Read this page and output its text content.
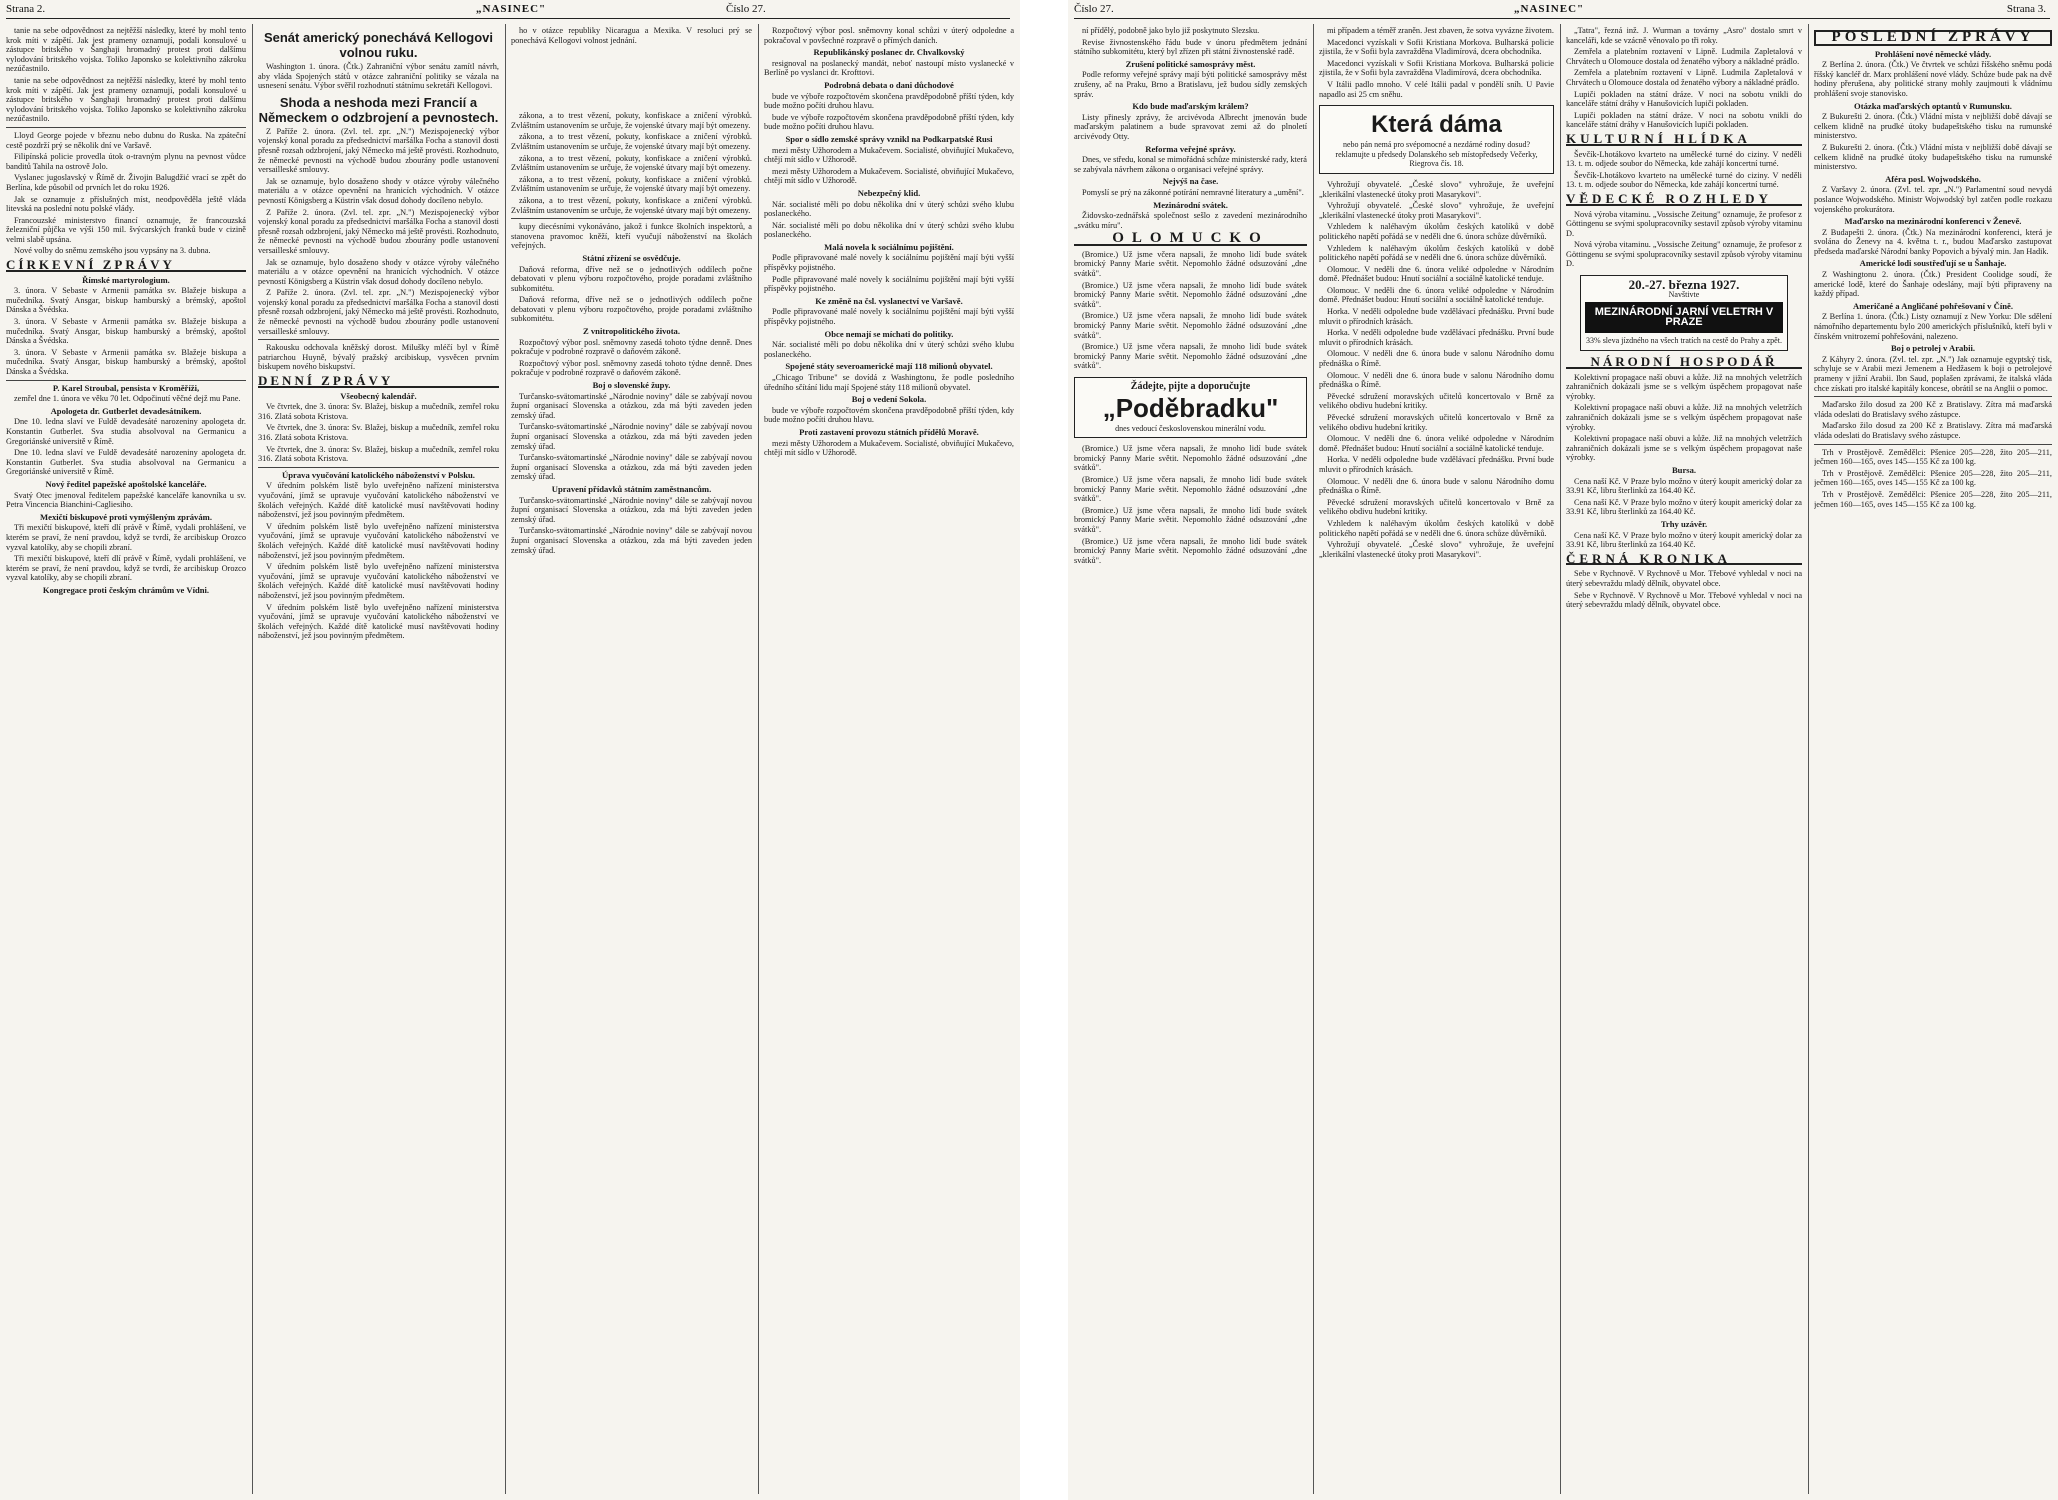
Strana 2.	„NASINEC"	Číslo 27.

tanie na sebe odpovědnost za nejtěžší následky, které by mohl tento krok míti v zápětí. Jak jest prameny oznamují, podali konsulové u zástupce britského v Šanghaji hromadný protest proti dalšímu vylodování britského vojska. Toliko Japonsko se kolektivního zákroku nezúčastnilo.

tanie na sebe odpovědnost za nejtěžší následky, které by mohl tento krok míti v zápětí. Jak jest prameny oznamují, podali konsulové u zástupce britského v Šanghaji hromadný protest proti dalšímu vylodování britského vojska. Toliko Japonsko se kolektivního zákroku nezúčastnilo.

Lloyd George pojede v březnu nebo dubnu do Ruska. Na zpáteční cestě pozdrží prý se několik dní ve Varšavě.

Filipínská policie provedla útok o-travným plynu na pevnost vůdce banditů Tahila na ostrově Jolo.

Vyslanec jugoslavský v Římě dr. Živojin Balugdžić vrací se zpět do Berlína, kde působil od prvních let do roku 1926.

Jak se oznamuje z příslušných míst, neodpověděla ještě vláda litevská na poslední notu polské vlády.

Francouzské ministerstvo financí oznamuje, že francouzská železniční půjčka ve výši 150 mil. švýcarských franků bude v cizině velmi slabě upsána.

Nové volby do sněmu zemského jsou vypsány na 3. dubna.

CÍRKEVNÍ ZPRÁVY
Římské martyrologium.

3. února. V Sebaste v Armenii památka sv. Blažeje biskupa a mučedníka. Svatý Ansgar, biskup hamburský a brémský, apoštol Dánska a Švédska.

3. února. V Sebaste v Armenii památka sv. Blažeje biskupa a mučedníka. Svatý Ansgar, biskup hamburský a brémský, apoštol Dánska a Švédska.

3. února. V Sebaste v Armenii památka sv. Blažeje biskupa a mučedníka. Svatý Ansgar, biskup hamburský a brémský, apoštol Dánska a Švédska.

P. Karel Stroubal, pensista v Kroměříži,

zemřel dne 1. února ve věku 70 let. Odpočinutí věčné dejž mu Pane.

Apologeta dr. Gutberlet devadesátníkem.

Dne 10. ledna slaví ve Fuldě devadesáté narozeniny apologeta dr. Konstantin Gutberlet. Sva studia absolvoval na Germanicu a Gregoriánské universitě v Římě.

Dne 10. ledna slaví ve Fuldě devadesáté narozeniny apologeta dr. Konstantin Gutberlet. Sva studia absolvoval na Germanicu a Gregoriánské universitě v Římě.

Nový ředitel papežské apoštolské kanceláře.

Svatý Otec jmenoval ředitelem papežské kanceláře kanovníka u sv. Petra Vincencia Bianchini-Cagliesiho.

Mexičtí biskupové proti vymýšleným zprávám.

Tři mexičtí biskupové, kteří dlí právě v Římě, vydali prohlášení, ve kterém se praví, že není pravdou, když se tvrdí, že arcibiskup Orozco vyzval katolíky, aby se chopili zbraní.

Tři mexičtí biskupové, kteří dlí právě v Římě, vydali prohlášení, ve kterém se praví, že není pravdou, když se tvrdí, že arcibiskup Orozco vyzval katolíky, aby se chopili zbraní.

Kongregace proti českým chrámům ve Vídni.
Senát americký ponechává Kellogovi volnou ruku.

Washington 1. února. (Čtk.) Zahraniční výbor senátu zamítl návrh, aby vláda Spojených států v otázce zahraniční politiky se vázala na usnesení senátu. Výbor svěřil rozhodnutí státnímu sekretáři Kellogovi.

Shoda a neshoda mezi Francií a Německem o odzbrojení a pevnostech.

Z Paříže 2. února. (Zvl. tel. zpr. „N.") Mezispojenecký výbor vojenský konal poradu za předsednictví maršálka Focha a stanovil dosti přesně rozsah odzbrojení, jaký Německo má ještě provésti. Rozhodnuto, že německé pevnosti na východě budou zbourány podle ustanovení versailleské smlouvy.

Jak se oznamuje, bylo dosaženo shody v otázce výroby válečného materiálu a v otázce opevnění na hranicích východních. V otázce pevností Königsberg a Küstrin však dosud dohody docíleno nebylo.

Z Paříže 2. února. (Zvl. tel. zpr. „N.") Mezispojenecký výbor vojenský konal poradu za předsednictví maršálka Focha a stanovil dosti přesně rozsah odzbrojení, jaký Německo má ještě provésti. Rozhodnuto, že německé pevnosti na východě budou zbourány podle ustanovení versailleské smlouvy.

Jak se oznamuje, bylo dosaženo shody v otázce výroby válečného materiálu a v otázce opevnění na hranicích východních. V otázce pevností Königsberg a Küstrin však dosud dohody docíleno nebylo.

Z Paříže 2. února. (Zvl. tel. zpr. „N.") Mezispojenecký výbor vojenský konal poradu za předsednictví maršálka Focha a stanovil dosti přesně rozsah odzbrojení, jaký Německo má ještě provésti. Rozhodnuto, že německé pevnosti na východě budou zbourány podle ustanovení versailleské smlouvy.

Rakousku odchovala kněžský dorost. Milušky mléčí byl v Římě patriarchou Huyně, bývalý pražský arcibiskup, vysvěcen prvním biskupem nového biskupství.

DENNÍ ZPRÁVY
Všeobecný kalendář.

Ve čtvrtek, dne 3. února: Sv. Blažej, biskup a mučedník, zemřel roku 316. Zlatá sobota Kristova.

Ve čtvrtek, dne 3. února: Sv. Blažej, biskup a mučedník, zemřel roku 316. Zlatá sobota Kristova.

Ve čtvrtek, dne 3. února: Sv. Blažej, biskup a mučedník, zemřel roku 316. Zlatá sobota Kristova.

Úprava vyučování katolického náboženství v Polsku.

V úředním polském listě bylo uveřejněno nařízení ministerstva vyučování, jímž se upravuje vyučování katolického náboženství ve školách veřejných. Každé dítě katolické musí navštěvovati hodiny náboženství, jež jsou povinným předmětem.

V úředním polském listě bylo uveřejněno nařízení ministerstva vyučování, jímž se upravuje vyučování katolického náboženství ve školách veřejných. Každé dítě katolické musí navštěvovati hodiny náboženství, jež jsou povinným předmětem.

V úředním polském listě bylo uveřejněno nařízení ministerstva vyučování, jímž se upravuje vyučování katolického náboženství ve školách veřejných. Každé dítě katolické musí navštěvovati hodiny náboženství, jež jsou povinným předmětem.

V úředním polském listě bylo uveřejněno nařízení ministerstva vyučování, jímž se upravuje vyučování katolického náboženství ve školách veřejných. Každé dítě katolické musí navštěvovati hodiny náboženství, jež jsou povinným předmětem.

ho v otázce republiky Nicaragua a Mexika. V resoluci prý se ponechává Kellogovi volnost jednání.

zákona, a to trest vězení, pokuty, konfiskace a zničení výrobků. Zvláštním ustanovením se určuje, že vojenské útvary mají být omezeny.

zákona, a to trest vězení, pokuty, konfiskace a zničení výrobků. Zvláštním ustanovením se určuje, že vojenské útvary mají být omezeny.

zákona, a to trest vězení, pokuty, konfiskace a zničení výrobků. Zvláštním ustanovením se určuje, že vojenské útvary mají být omezeny.

zákona, a to trest vězení, pokuty, konfiskace a zničení výrobků. Zvláštním ustanovením se určuje, že vojenské útvary mají být omezeny.

zákona, a to trest vězení, pokuty, konfiskace a zničení výrobků. Zvláštním ustanovením se určuje, že vojenské útvary mají být omezeny.

kupy diecésními vykonáváno, jakož i funkce školních inspektorů, a stanovena pravomoc kněží, kteří vyučují náboženství na školách veřejných.

Státní zřízení se osvědčuje.

Daňová reforma, dříve než se o jednotlivých oddílech počne debatovati v plenu výboru rozpočtového, projde poradami zvláštního subkomitétu.

Daňová reforma, dříve než se o jednotlivých oddílech počne debatovati v plenu výboru rozpočtového, projde poradami zvláštního subkomitétu.

Z vnitropolitického života.

Rozpočtový výbor posl. sněmovny zasedá tohoto týdne denně. Dnes pokračuje v podrobné rozpravě o daňovém zákoně.

Rozpočtový výbor posl. sněmovny zasedá tohoto týdne denně. Dnes pokračuje v podrobné rozpravě o daňovém zákoně.

Boj o slovenské župy.

Turčansko-svätomartinské „Národnie noviny" dále se zabývají novou župní organisací Slovenska a otázkou, zda má býti zaveden jeden zemský úřad.

Turčansko-svätomartinské „Národnie noviny" dále se zabývají novou župní organisací Slovenska a otázkou, zda má býti zaveden jeden zemský úřad.

Turčansko-svätomartinské „Národnie noviny" dále se zabývají novou župní organisací Slovenska a otázkou, zda má býti zaveden jeden zemský úřad.

Upravení přídavků státním zaměstnancům.

Turčansko-svätomartinské „Národnie noviny" dále se zabývají novou župní organisací Slovenska a otázkou, zda má býti zaveden jeden zemský úřad.

Turčansko-svätomartinské „Národnie noviny" dále se zabývají novou župní organisací Slovenska a otázkou, zda má býti zaveden jeden zemský úřad.

Rozpočtový výbor posl. sněmovny konal schůzi v úterý odpoledne a pokračoval v povšechné rozpravě o přímých daních.

Republikánský poslanec dr. Chvalkovský

resignoval na poslanecký mandát, neboť nastoupí místo vyslanecké v Berlíně po vyslanci dr. Krofttovi.

Podrobná debata o dani důchodové

bude ve výboře rozpočtovém skončena pravděpodobně příští týden, kdy bude možno počíti druhou hlavu.

bude ve výboře rozpočtovém skončena pravděpodobně příští týden, kdy bude možno počíti druhou hlavu.

Spor o sídlo zemské správy vznikl na Podkarpatské Rusi

mezi městy Užhorodem a Mukačevem. Socialisté, obviňující Mukačevo, chtějí mít sídlo v Užhorodě.

mezi městy Užhorodem a Mukačevem. Socialisté, obviňující Mukačevo, chtějí mít sídlo v Užhorodě.

Nebezpečný klid.

Nár. socialisté měli po dobu několika dní v úterý schůzi svého klubu poslaneckého.

Nár. socialisté měli po dobu několika dní v úterý schůzi svého klubu poslaneckého.

Malá novela k sociálnímu pojištění.

Podle připravované malé novely k sociálnímu pojištění mají býti vyšší příspěvky pojistného.

Podle připravované malé novely k sociálnímu pojištění mají býti vyšší příspěvky pojistného.

Ke změně na čsl. vyslanectví ve Varšavě.

Podle připravované malé novely k sociálnímu pojištění mají býti vyšší příspěvky pojistného.

Obce nemají se míchati do politiky.

Nár. socialisté měli po dobu několika dní v úterý schůzi svého klubu poslaneckého.

Spojené státy severoamerické mají 118 milionů obyvatel.

„Chicago Tribune" se dovídá z Washingtonu, že podle posledního úředního sčítání lidu mají Spojené státy 118 milionů obyvatel.

Boj o vedení Sokola.

bude ve výboře rozpočtovém skončena pravděpodobně příští týden, kdy bude možno počíti druhou hlavu.

Proti zastavení provozu státních přídělů Moravě.

mezi městy Užhorodem a Mukačevem. Socialisté, obviňující Mukačevo, chtějí mít sídlo v Užhorodě.

Číslo 27.	„NASINEC"	Strana 3.

ní přídělý, podobně jako bylo již poskytnuto Slezsku.

Revise živnostenského řádu bude v únoru předmětem jednání státního subkomitétu, který byl zřízen při státní živnostenské radě.

Zrušení politické samosprávy měst.

Podle reformy veřejné správy mají býti politické samosprávy měst zrušeny, ač na Praku, Brno a Bratislavu, jež budou sídly zemských správ.

Kdo bude maďarským králem?

Listy přinesly zprávy, že arcivévoda Albrecht jmenován bude maďarským palatinem a bude spravovat zemi až do plnoletí arcivévody Otty.

Reforma veřejné správy.

Dnes, ve středu, konal se mimořádná schůze ministerské rady, která se zabývala návrhem zákona o organisaci veřejné správy.

Nejvýš na čase.

Pomyslí se prý na zákonné potírání nemravné literatury a „umění".

Mezinárodní svátek.

Židovsko-zednářská společnost sešlo z zavedení mezinárodního „svátku míru".

OLOMUCKO

(Bromice.) Už jsme včera napsali, že mnoho lidí bude svátek bromický Panny Marie světit. Nepomohlo žádné odsuzování „dne svátků".

(Bromice.) Už jsme včera napsali, že mnoho lidí bude svátek bromický Panny Marie světit. Nepomohlo žádné odsuzování „dne svátků".

(Bromice.) Už jsme včera napsali, že mnoho lidí bude svátek bromický Panny Marie světit. Nepomohlo žádné odsuzování „dne svátků".

(Bromice.) Už jsme včera napsali, že mnoho lidí bude svátek bromický Panny Marie světit. Nepomohlo žádné odsuzování „dne svátků".

Žádejte, pijte a doporučujte
„Poděbradku"
dnes vedoucí československou minerální vodu.

(Bromice.) Už jsme včera napsali, že mnoho lidí bude svátek bromický Panny Marie světit. Nepomohlo žádné odsuzování „dne svátků".

(Bromice.) Už jsme včera napsali, že mnoho lidí bude svátek bromický Panny Marie světit. Nepomohlo žádné odsuzování „dne svátků".

(Bromice.) Už jsme včera napsali, že mnoho lidí bude svátek bromický Panny Marie světit. Nepomohlo žádné odsuzování „dne svátků".

(Bromice.) Už jsme včera napsali, že mnoho lidí bude svátek bromický Panny Marie světit. Nepomohlo žádné odsuzování „dne svátků".

mi případem a téměř zraněn. Jest zbaven, že sotva vyvázne životem.

Macedonci vyzískali v Sofii Kristiana Morkova. Bulharská policie zjistila, že v Sofii byla zavražděna Vladimírová, dcera obchodníka.

Macedonci vyzískali v Sofii Kristiana Morkova. Bulharská policie zjistila, že v Sofii byla zavražděna Vladimírová, dcera obchodníka.

V Itálii padlo mnoho. V celé Itálii padal v pondělí sníh. U Pavie napadlo asi 25 cm sněhu.

Která dáma
nebo pán nemá pro svépomocné a nezdárné rodiny dosud?
reklamujte u předsedy Dolanského seb místopředsedy Večerky, Riegrova čís. 18.

Vyhrožují obyvatelé. „České slovo" vyhrožuje, že uveřejní „klerikální vlastenecké útoky proti Masarykovi".

Vyhrožují obyvatelé. „České slovo" vyhrožuje, že uveřejní „klerikální vlastenecké útoky proti Masarykovi".

Vzhledem k naléhavým úkolům českých katolíků v době politického napětí pořádá se v neděli dne 6. února schůze důvěrníků.

Vzhledem k naléhavým úkolům českých katolíků v době politického napětí pořádá se v neděli dne 6. února schůze důvěrníků.

Olomouc. V neděli dne 6. února veliké odpoledne v Národním domě. Přednášet budou: Hnutí sociální a sociálně katolické tenduje.

Olomouc. V neděli dne 6. února veliké odpoledne v Národním domě. Přednášet budou: Hnutí sociální a sociálně katolické tenduje.

Horka. V neděli odpoledne bude vzdělávací přednášku. První bude mluvit o přírodních krásách.

Horka. V neděli odpoledne bude vzdělávací přednášku. První bude mluvit o přírodních krásách.

Olomouc. V neděli dne 6. února bude v salonu Národního domu přednáška o Římě.

Olomouc. V neděli dne 6. února bude v salonu Národního domu přednáška o Římě.

Pěvecké sdružení moravských učitelů koncertovalo v Brně za velikého obdivu hudební kritiky.

Pěvecké sdružení moravských učitelů koncertovalo v Brně za velikého obdivu hudební kritiky.

Olomouc. V neděli dne 6. února veliké odpoledne v Národním domě. Přednášet budou: Hnutí sociální a sociálně katolické tenduje.

Horka. V neděli odpoledne bude vzdělávací přednášku. První bude mluvit o přírodních krásách.

Olomouc. V neděli dne 6. února bude v salonu Národního domu přednáška o Římě.

Pěvecké sdružení moravských učitelů koncertovalo v Brně za velikého obdivu hudební kritiky.

Vzhledem k naléhavým úkolům českých katolíků v době politického napětí pořádá se v neděli dne 6. února schůze důvěrníků.

Vyhrožují obyvatelé. „České slovo" vyhrožuje, že uveřejní „klerikální vlastenecké útoky proti Masarykovi".

„Tatra", řezná inž. J. Wurman a továrny „Asro" dostalo smrt v kanceláři, kde se vzácně věnovalo po tři roky.

Zemřela a platebním roztavení v Lipně. Ludmila Zapletalová v Chrvátech u Olomouce dostala od ženatého výbory a nákladné prádlo.

Zemřela a platebním roztavení v Lipně. Ludmila Zapletalová v Chrvátech u Olomouce dostala od ženatého výbory a nákladné prádlo.

Lupiči pokladen na státní dráze. V noci na sobotu vnikli do kanceláře státní dráhy v Hanušovicích lupiči pokladen.

Lupiči pokladen na státní dráze. V noci na sobotu vnikli do kanceláře státní dráhy v Hanušovicích lupiči pokladen.

KULTURNÍ HLÍDKA

Ševčík-Lhotákovo kvarteto na umělecké turné do ciziny. V neděli 13. t. m. odjede soubor do Německa, kde zahájí koncertní turné.

Ševčík-Lhotákovo kvarteto na umělecké turné do ciziny. V neděli 13. t. m. odjede soubor do Německa, kde zahájí koncertní turné.

VĚDECKÉ ROZHLEDY

Nová výroba vitaminu. „Vossische Zeitung" oznamuje, že profesor z Göttingenu se svými spolupracovníky sestavil způsob výroby vitaminu D.

Nová výroba vitaminu. „Vossische Zeitung" oznamuje, že profesor z Göttingenu se svými spolupracovníky sestavil způsob výroby vitaminu D.

20.-27. března 1927.
Navštivte
MEZINÁRODNÍ JARNÍ VELETRH V PRAZE
33% sleva jízdného na všech tratích na cestě do Prahy a zpět.
NÁRODNÍ HOSPODÁŘ

Kolektivní propagace naší obuvi a kůže. Již na mnohých veletržích zahraničních dokázali jsme se s velkým úspěchem propagovat naše výrobky.

Kolektivní propagace naší obuvi a kůže. Již na mnohých veletržích zahraničních dokázali jsme se s velkým úspěchem propagovat naše výrobky.

Kolektivní propagace naší obuvi a kůže. Již na mnohých veletržích zahraničních dokázali jsme se s velkým úspěchem propagovat naše výrobky.

Bursa.

Cena naší Kč. V Praze bylo možno v úterý koupit americký dolar za 33.91 Kč, libru šterlinků za 164.40 Kč.

Cena naší Kč. V Praze bylo možno v úterý koupit americký dolar za 33.91 Kč, libru šterlinků za 164.40 Kč.

Trhy uzávěr.

Cena naší Kč. V Praze bylo možno v úterý koupit americký dolar za 33.91 Kč, libru šterlinků za 164.40 Kč.

ČERNÁ KRONIKA

Sebe v Rychnově. V Rychnově u Mor. Třebové vyhledal v noci na úterý sebevraždu mladý dělník, obyvatel obce.

Sebe v Rychnově. V Rychnově u Mor. Třebové vyhledal v noci na úterý sebevraždu mladý dělník, obyvatel obce.

POSLEDNÍ ZPRÁVY
Prohlášení nové německé vlády.

Z Berlína 2. února. (Čtk.) Ve čtvrtek ve schůzi říšského sněmu podá říšský kancléř dr. Marx prohlášení nové vlády. Schůze bude pak na dvě hodiny přerušena, aby politické strany mohly zaujmouti k vládnímu prohlášení svoje stanovisko.

Otázka maďarských optantů v Rumunsku.

Z Bukurešti 2. února. (Čtk.) Vládní místa v nejbližší době dávají se celkem klidně na prudké útoky budapeštského tisku na rumunské ministerstvo.

Z Bukurešti 2. února. (Čtk.) Vládní místa v nejbližší době dávají se celkem klidně na prudké útoky budapeštského tisku na rumunské ministerstvo.

Aféra posl. Wojwodského.

Z Varšavy 2. února. (Zvl. tel. zpr. „N.") Parlamentní soud nevydá poslance Wojwodského. Ministr Wojwodský byl zatčen podle rozkazu vojenského prokurátora.

Maďarsko na mezinárodní konferenci v Ženevě.

Z Budapešti 2. února. (Čtk.) Na mezinárodní konferenci, která je svolána do Ženevy na 4. května t. r., budou Maďarsko zastupovat předseda maďarské Národní banky Popovich a bývalý min. Jan Hadik.

Americké lodi soustřeďují se u Šanhaje.

Z Washingtonu 2. února. (Čtk.) President Coolidge soudí, že americké lodě, které do Šanhaje odeslány, mají býti připraveny na každý případ.

Američané a Angličané pohřešovaní v Číně.

Z Berlína 1. února. (Čtk.) Listy oznamují z New Yorku: Dle sdělení námořního departementu bylo 200 amerických příslušníků, kteří byli v čínském vnitrozemí pohřešováni, nalezeno.

Boj o petrolej v Arabii.

Z Káhyry 2. února. (Zvl. tel. zpr. „N.") Jak oznamuje egyptský tisk, schyluje se v Arabii mezi Jemenem a Hedžasem k boji o petrolejové prameny v jižní Arabii. Ibn Saud, poplašen zprávami, že italská vláda chce získati pro italské kapitály koncese, obrátil se na Anglii o pomoc.

Maďarsko žilo dosud za 200 Kč z Bratislavy. Zítra má maďarská vláda odeslati do Bratislavy svého zástupce.

Maďarsko žilo dosud za 200 Kč z Bratislavy. Zítra má maďarská vláda odeslati do Bratislavy svého zástupce.

Trh v Prostějově. Zemědělci: Pšenice 205—228, žito 205—211, ječmen 160—165, oves 145—155 Kč za 100 kg.

Trh v Prostějově. Zemědělci: Pšenice 205—228, žito 205—211, ječmen 160—165, oves 145—155 Kč za 100 kg.

Trh v Prostějově. Zemědělci: Pšenice 205—228, žito 205—211, ječmen 160—165, oves 145—155 Kč za 100 kg.
